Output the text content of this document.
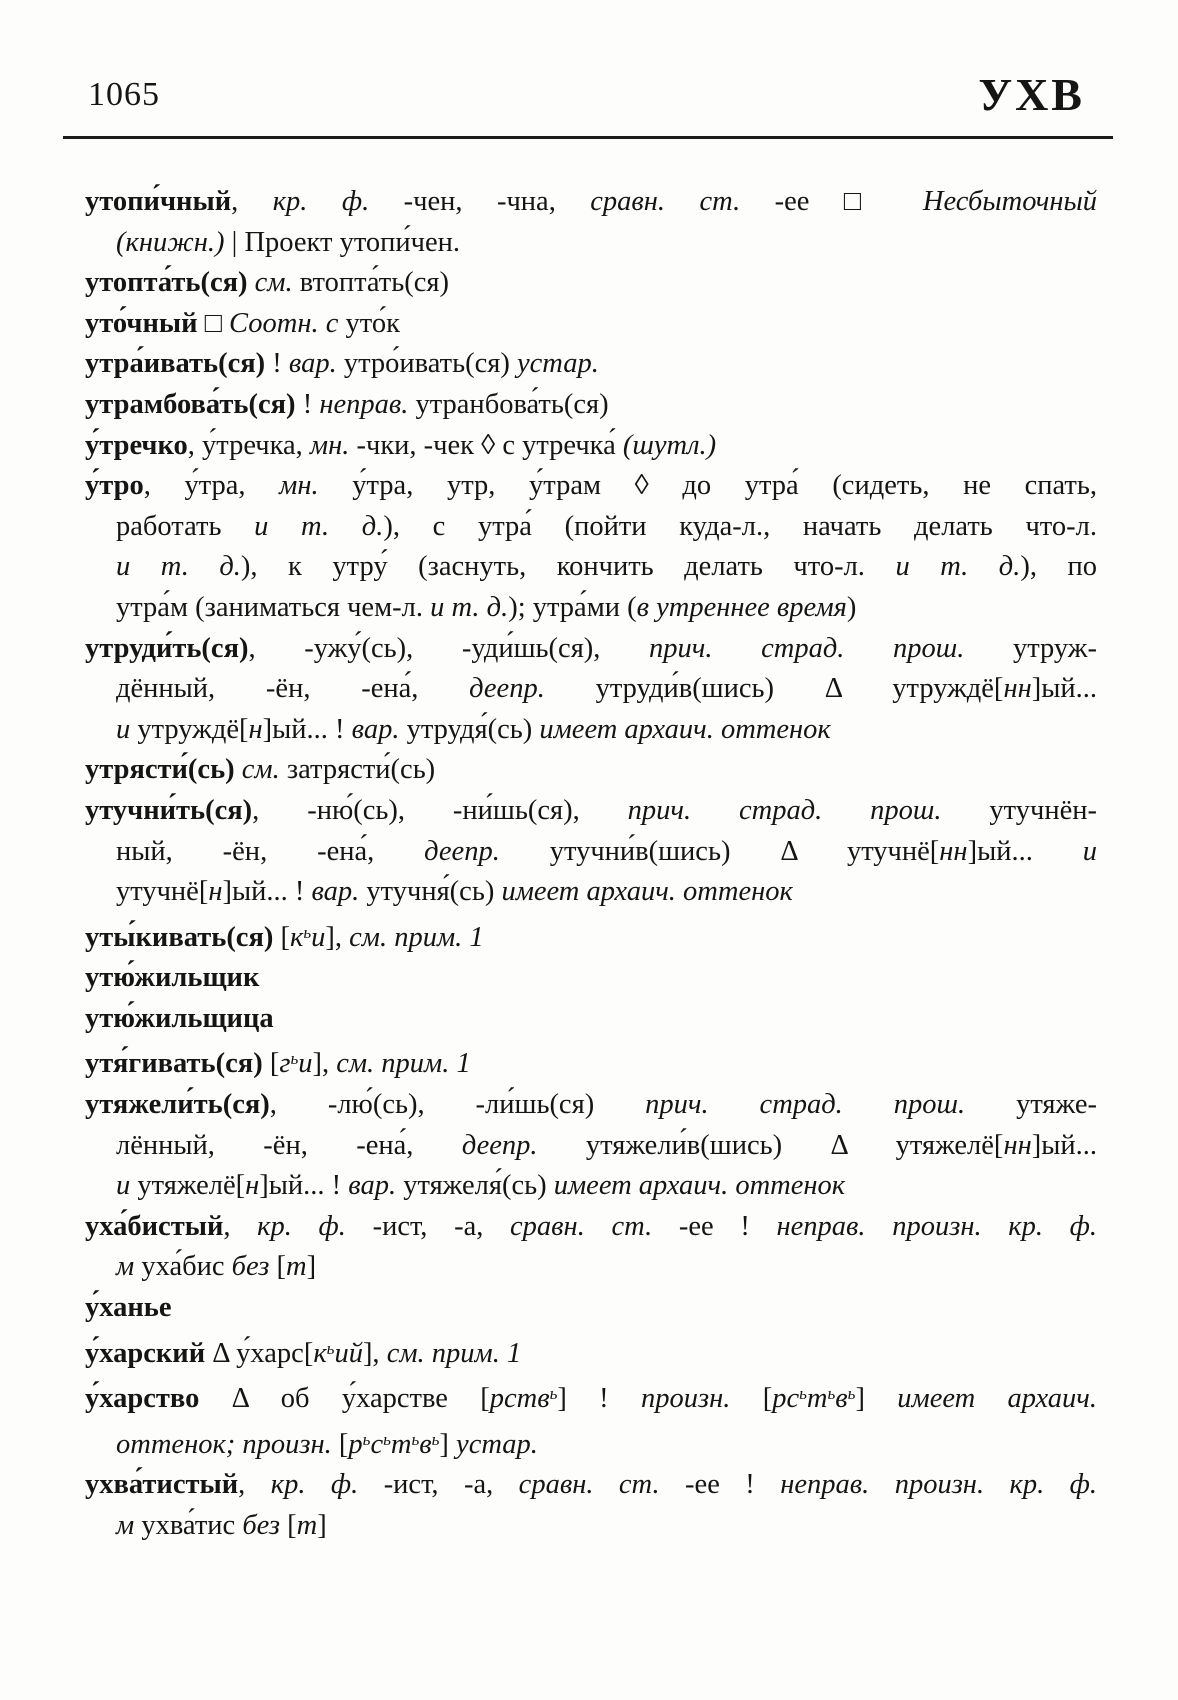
1065	УХВ
утопи́чный, кр. ф. -чен, -чна, сравн. ст. -ее □ Несбыточный
(книжн.) | Проект утопи́чен.
утопта́ть(ся) см. втопта́ть(ся)
уто́чный □ Соотн. с уто́к
утра́ивать(ся) ! вар. утро́ивать(ся) устар.
утрамбова́ть(ся) ! неправ. утранбова́ть(ся)
у́тречко, у́тречка, мн. -чки, -чек ◊ с утречка́ (шутл.)
у́тро, у́тра, мн. у́тра, утр, у́трам ◊ до утра́ (сидеть, не спать,
работать и т. д.), с утра́ (пойти куда-л., начать делать что-л.
и т. д.), к утру́ (заснуть, кончить делать что-л. и т. д.), по
утра́м (заниматься чем-л. и т. д.); утра́ми (в утреннее время)
утруди́ть(ся), -ужу́(сь), -уди́шь(ся), прич. страд. прош. утруж-
дённый, -ён, -ена́, деепр. утруди́в(шись) Δ утруждё[нн]ый...
и утруждё[н]ый... ! вар. утрудя́(сь) имеет архаич. оттенок
утрясти́(сь) см. затрясти́(сь)
утучни́ть(ся), -ню́(сь), -ни́шь(ся), прич. страд. прош. утучнён-
ный, -ён, -ена́, деепр. утучни́в(шись) Δ утучнё[нн]ый... и
утучнё[н]ый... ! вар. утучня́(сь) имеет архаич. оттенок
уты́кивать(ся) $[к^ьи]$, см. прим. 1
утю́жильщик
утю́жильщица
утя́гивать(ся) $[г^ьи]$, см. прим. 1
утяжели́ть(ся), -лю́(сь), -ли́шь(ся) прич. страд. прош. утяже-
лённый, -ён, -ена́, деепр. утяжели́в(шись) Δ утяжелё[нн]ый...
и утяжелё[н]ый... ! вар. утяжеля́(сь) имеет архаич. оттенок
уха́бистый, кр. ф. -ист, -а, сравн. ст. -ее ! неправ. произн. кр. ф.
м уха́бис без [т]
у́ханье
у́харский Δ $у́харс[к^ьий]$, см. прим. 1
у́харство Δ об у́харстве [рств$^ь$] ! произн. $[рс^ьт^ьв^ь]$ имеет архаич.
оттенок; произн. $[р^ьс^ьт^ьв^ь]$ устар.
ухва́тистый, кр. ф. -ист, -а, сравн. ст. -ее ! неправ. произн. кр. ф.
м ухва́тис без [т]
